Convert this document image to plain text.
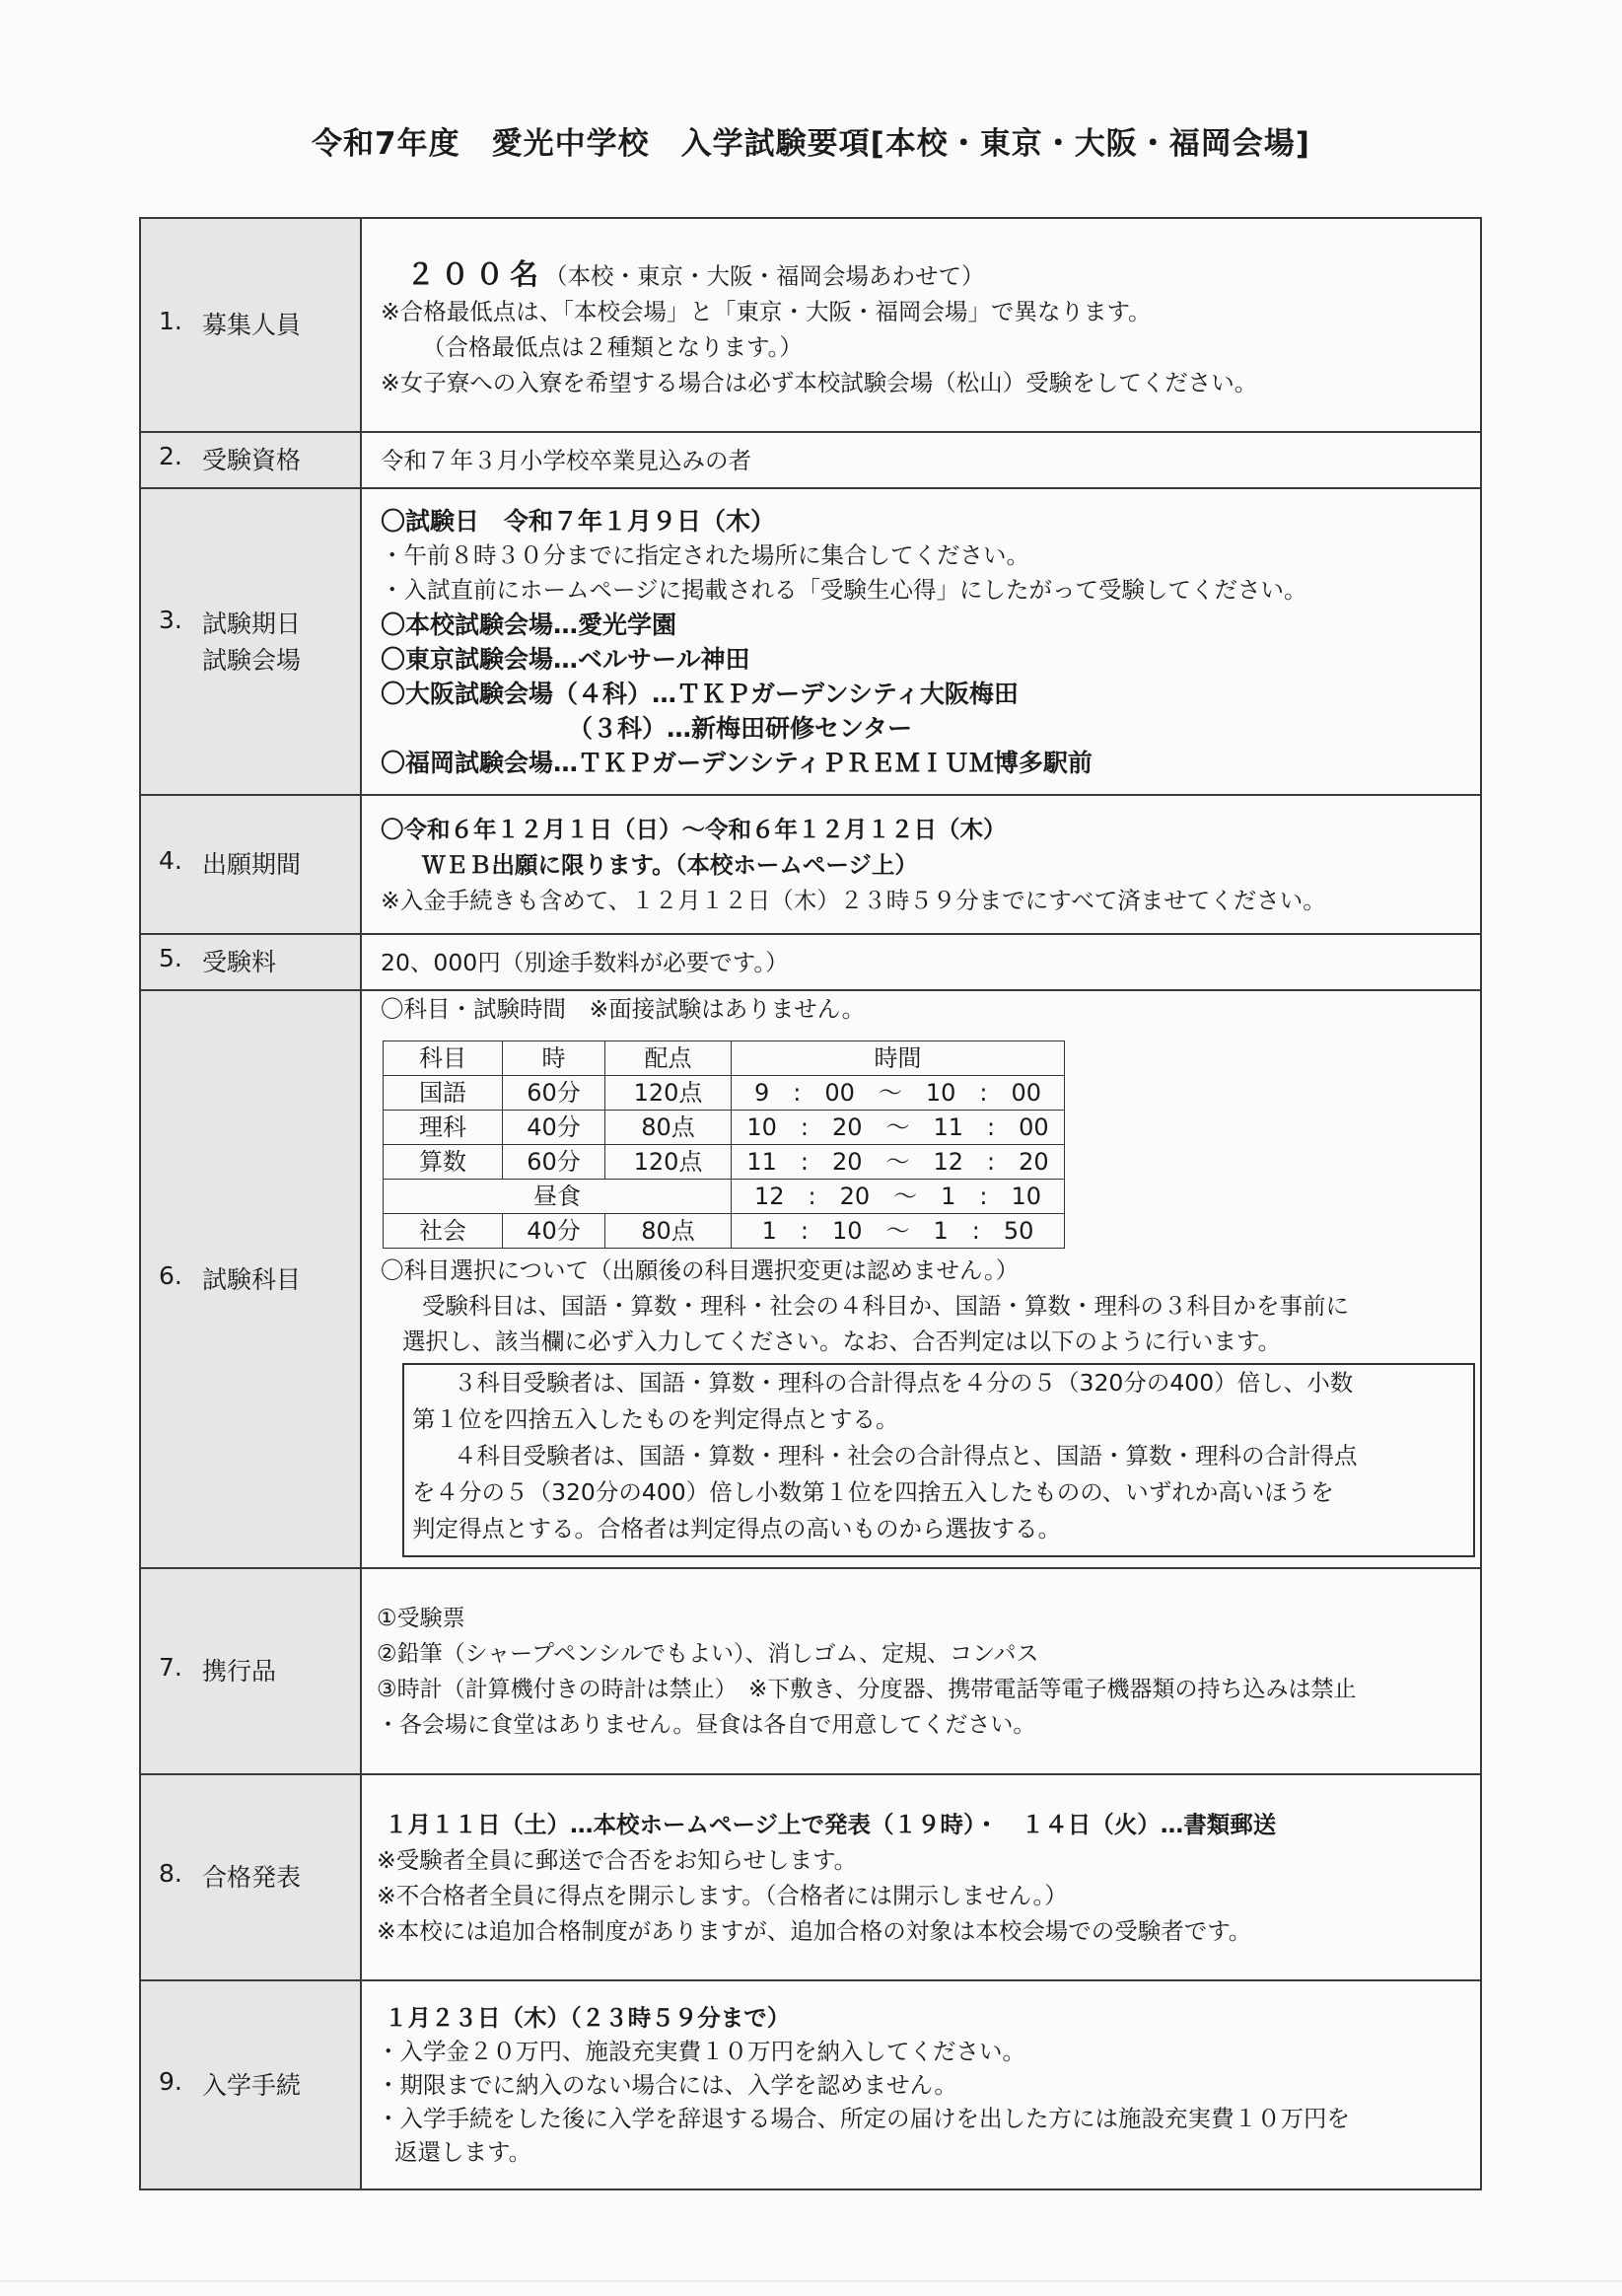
令和7年度　愛光中学校　入学試験要項[本校・東京・大阪・福岡会場]
1. 募集人員	
２００名（本校・東京・大阪・福岡会場あわせて）
※合格最低点は、「本校会場」と「東京・大阪・福岡会場」で異なります。
（合格最低点は２種類となります。）
※女子寮への入寮を希望する場合は必ず本校試験会場（松山）受験をしてください。

2. 受験資格	令和７年３月小学校卒業見込みの者
3. 試験期日
試験会場

〇試験日　令和７年１月９日（木）
・午前８時３０分までに指定された場所に集合してください。
・入試直前にホームページに掲載される「受験生心得」にしたがって受験してください。
〇本校試験会場…愛光学園
〇東京試験会場…ベルサール神田
〇大阪試験会場（４科）…ＴＫＰガーデンシティ大阪梅田
（３科）…新梅田研修センター
〇福岡試験会場…ＴＫＰガーデンシティＰＲＥＭＩＵＭ博多駅前

4. 出願期間	
〇令和６年１２月１日（日）～令和６年１２月１２日（木）
ＷＥＢ出願に限ります。（本校ホームページ上）
※入金手続きも含めて、１２月１２日（木）２３時５９分までにすべて済ませてください。

5. 受験料	20、000円（別途手数料が必要です。）
6. 試験科目	
〇科目・試験時間　※面接試験はありません。
科目	時	配点	時間
国語	60分	120点	9　:　00　～　10　:　00
理科	40分	80点	10　:　20　～　11　:　00
算数	60分	120点	11　:　20　～　12　:　20
昼食	12　:　20　～　1　:　10
社会	40分	80点	1　:　10　～　1　:　50
〇科目選択について（出願後の科目選択変更は認めません。）
受験科目は、国語・算数・理科・社会の４科目か、国語・算数・理科の３科目かを事前に
選択し、該当欄に必ず入力してください。なお、合否判定は以下のように行います。
３科目受験者は、国語・算数・理科の合計得点を４分の５（320分の400）倍し、小数
第１位を四捨五入したものを判定得点とする。
４科目受験者は、国語・算数・理科・社会の合計得点と、国語・算数・理科の合計得点
を４分の５（320分の400）倍し小数第１位を四捨五入したものの、いずれか高いほうを
判定得点とする。合格者は判定得点の高いものから選抜する。

7. 携行品	
①受験票
②鉛筆（シャープペンシルでもよい）、消しゴム、定規、コンパス
③時計（計算機付きの時計は禁止）　※下敷き、分度器、携帯電話等電子機器類の持ち込みは禁止
・各会場に食堂はありません。昼食は各自で用意してください。

8. 合格発表	
１月１１日（土）…本校ホームページ上で発表（１９時）・　１４日（火）…書類郵送
※受験者全員に郵送で合否をお知らせします。
※不合格者全員に得点を開示します。（合格者には開示しません。）
※本校には追加合格制度がありますが、追加合格の対象は本校会場での受験者です。

9. 入学手続	
１月２３日（木）（２３時５９分まで）
・入学金２０万円、施設充実費１０万円を納入してください。
・期限までに納入のない場合には、入学を認めません。
・入学手続をした後に入学を辞退する場合、所定の届けを出した方には施設充実費１０万円を
返還します。
